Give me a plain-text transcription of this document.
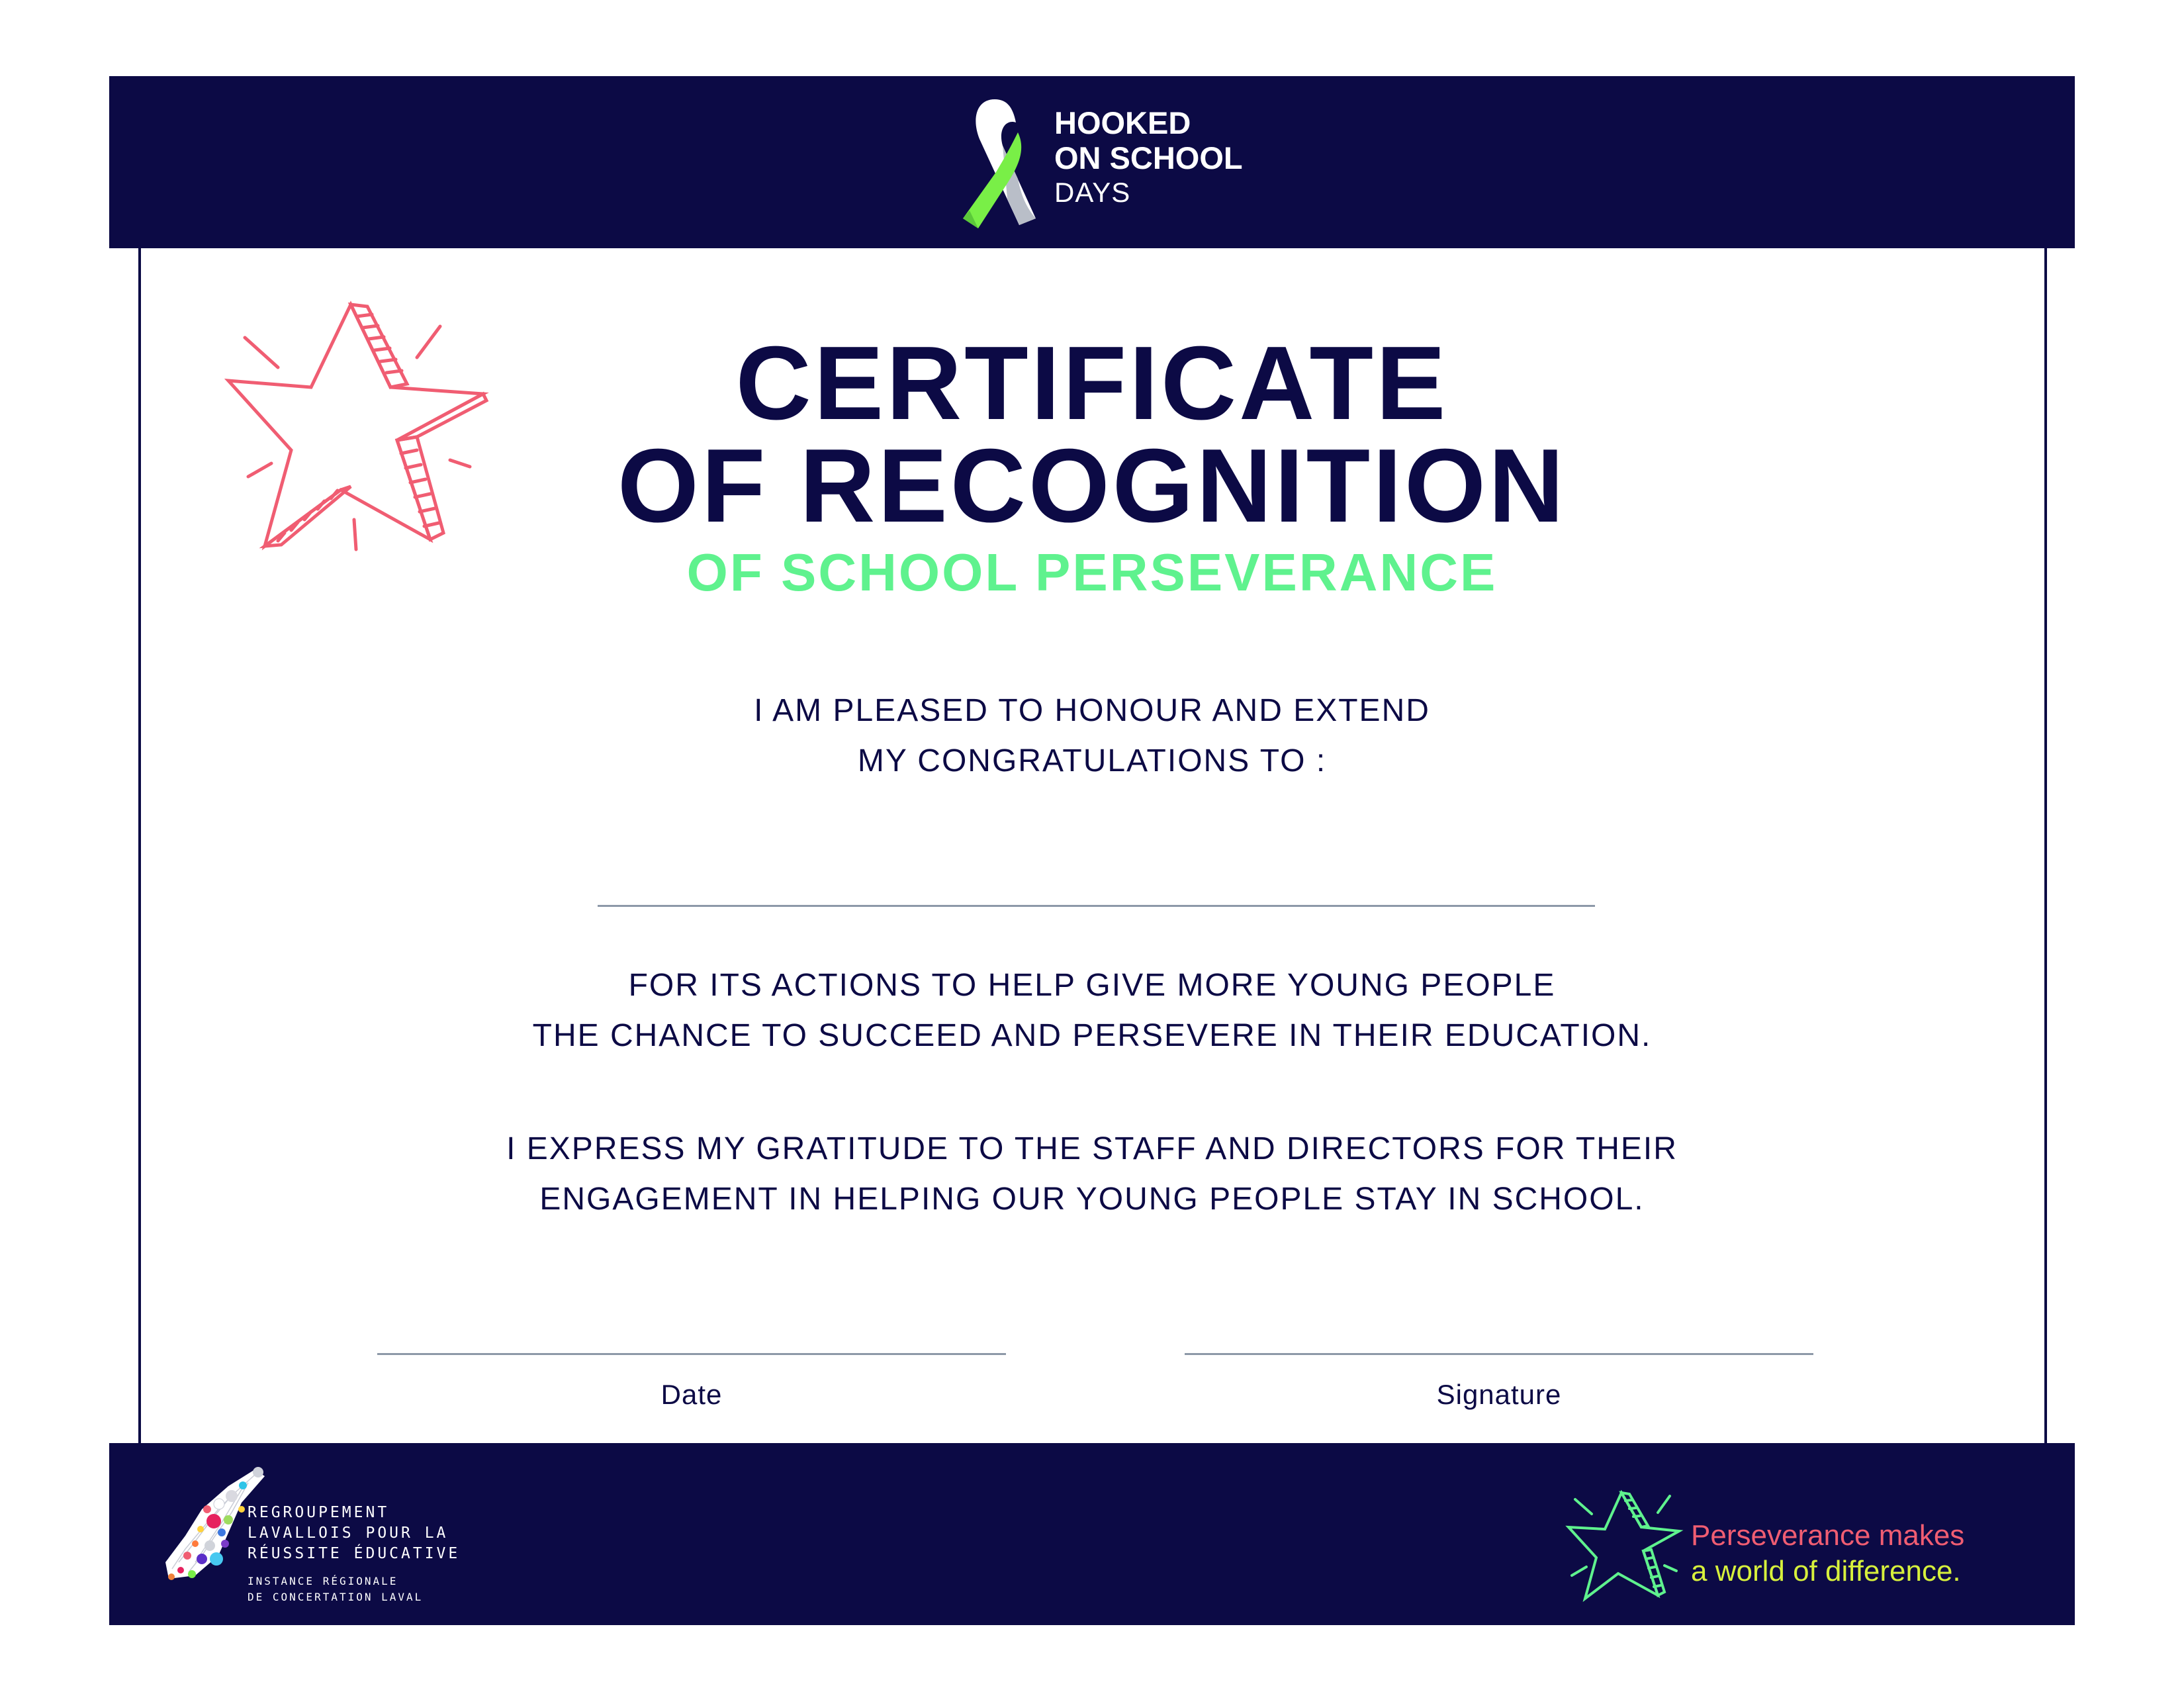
HOOKED
ON SCHOOL
DAYS
CERTIFICATE
OF RECOGNITION
OF SCHOOL PERSEVERANCE
I AM PLEASED TO HONOUR AND EXTEND
MY CONGRATULATIONS TO :
FOR ITS ACTIONS TO HELP GIVE MORE YOUNG PEOPLE
THE CHANCE TO SUCCEED AND PERSEVERE IN THEIR EDUCATION.
I EXPRESS MY GRATITUDE TO THE STAFF AND DIRECTORS FOR THEIR
ENGAGEMENT IN HELPING OUR YOUNG PEOPLE STAY IN SCHOOL.
Date	Signature
REGROUPEMENT
LAVALLOIS POUR LA
RÉUSSITE ÉDUCATIVE
INSTANCE RÉGIONALE
DE CONCERTATION LAVAL
Perseverance makes
a world of difference.
